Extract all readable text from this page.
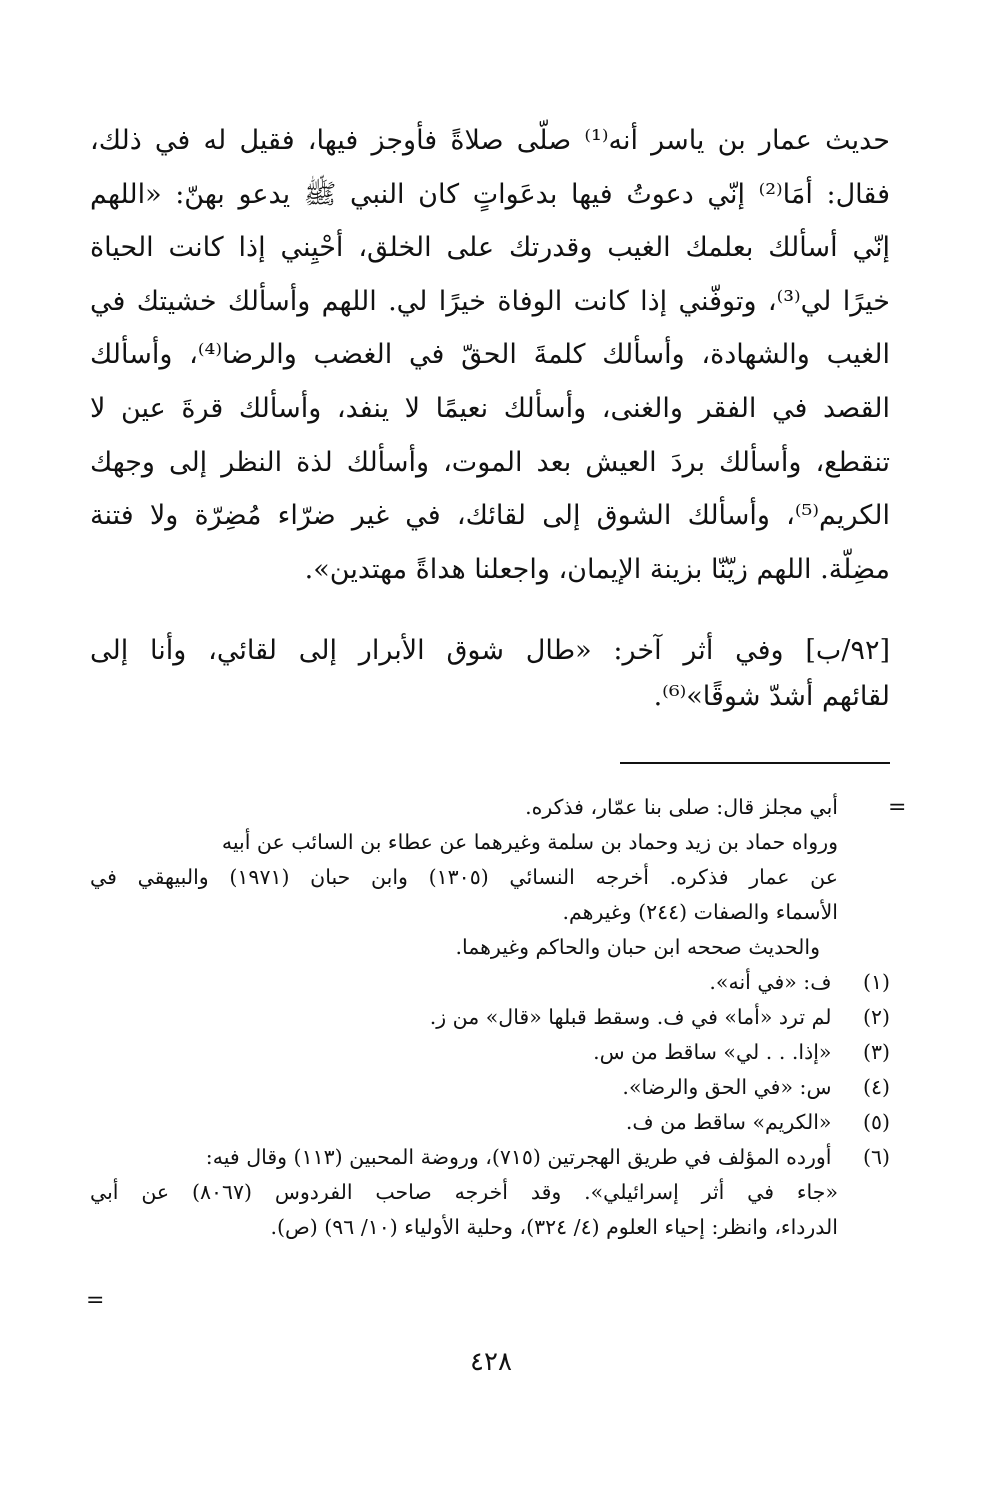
حديث عمار بن ياسر أنه⁽¹⁾ صلّى صلاةً فأوجز فيها، فقيل له في ذلك،

فقال: أمَا⁽²⁾ إنّي دعوتُ فيها بدعَواتٍ كان النبي ﷺ يدعو بهنّ: «اللهم

إنّي أسألك بعلمك الغيب وقدرتك على الخلق، أحْيِني إذا كانت الحياة

خيرًا لي⁽³⁾، وتوفّني إذا كانت الوفاة خيرًا لي. اللهم وأسألك خشيتك في

الغيب والشهادة، وأسألك كلمةَ الحقّ في الغضب والرضا⁽⁴⁾، وأسألك

القصد في الفقر والغنى، وأسألك نعيمًا لا ينفد، وأسألك قرةَ عين لا

تنقطع، وأسألك بردَ العيش بعد الموت، وأسألك لذة النظر إلى وجهك

الكريم⁽⁵⁾، وأسألك الشوق إلى لقائك، في غير ضرّاء مُضِرّة ولا فتنة

مضِلّة. اللهم زيّنّا بزينة الإيمان، واجعلنا هداةً مهتدين».

[٩٢/ب] وفي أثر آخر: «طال شوق الأبرار إلى لقائي، وأنا إلى

لقائهم أشدّ شوقًا»⁽⁶⁾.

=
أبي مجلز قال: صلى بنا عمّار، فذكره.
ورواه حماد بن زيد وحماد بن سلمة وغيرهما عن عطاء بن السائب عن أبيه
عن عمار فذكره. أخرجه النسائي (١٣٠٥) وابن حبان (١٩٧١) والبيهقي في
الأسماء والصفات (٢٤٤) وغيرهم.
والحديث صححه ابن حبان والحاكم وغيرهما.
(١) ف: «في أنه».
(٢) لم ترد «أما» في ف. وسقط قبلها «قال» من ز.
(٣) «إذا. . . لي» ساقط من س.
(٤) س: «في الحق والرضا».
(٥) «الكريم» ساقط من ف.
(٦) أورده المؤلف في طريق الهجرتين (٧١٥)، وروضة المحبين (١١٣) وقال فيه:
«جاء في أثر إسرائيلي». وقد أخرجه صاحب الفردوس (٨٠٦٧) عن أبي
الدرداء، وانظر: إحياء العلوم (٤/ ٣٢٤)، وحلية الأولياء (١٠/ ٩٦) (ص).
=
٤٢٨
